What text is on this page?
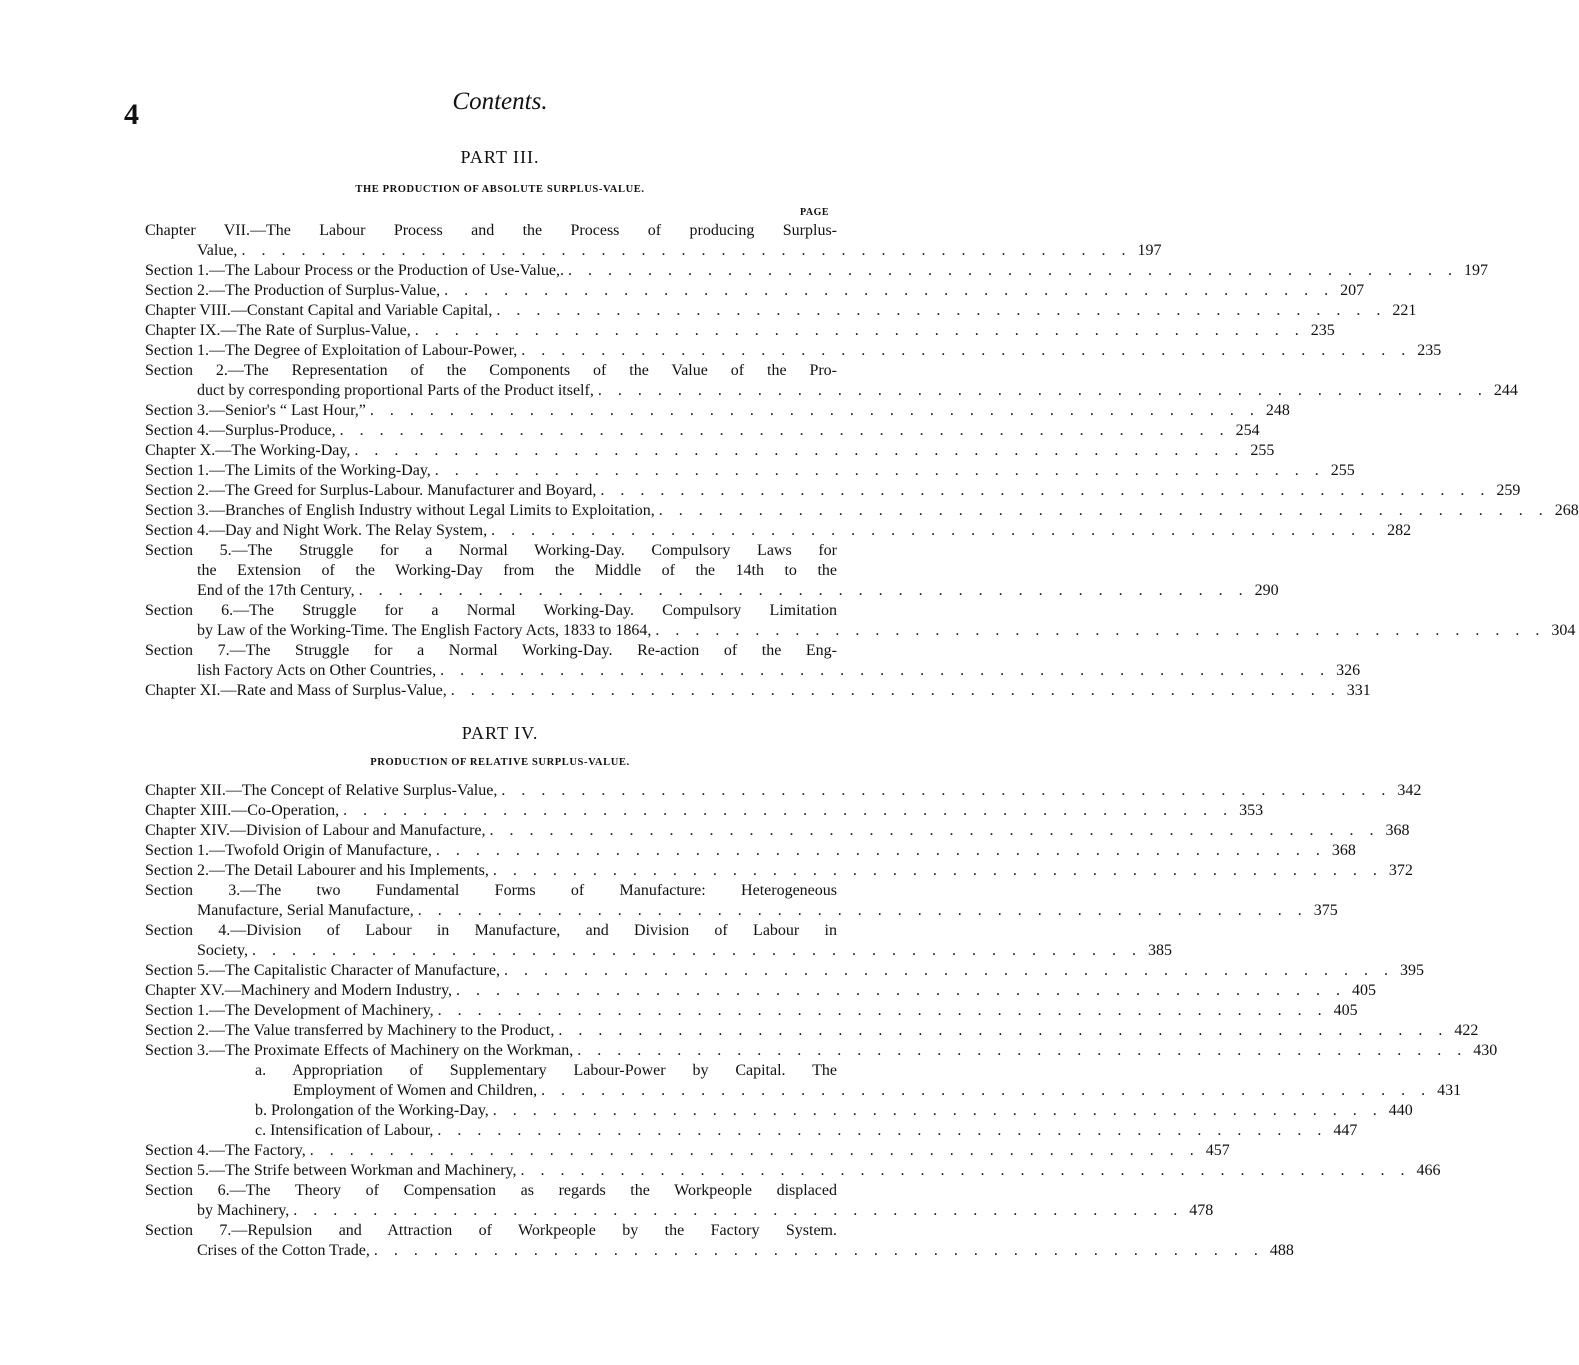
4	Contents.
PART III.
THE PRODUCTION OF ABSOLUTE SURPLUS-VALUE.
PAGE
Chapter VII.—The Labour Process and the Process of producing Surplus-
Value, . . . . . . . . . . . . . . . . . . . . . . . . . . . . . . . . . . . . . . . . . . . . . 197
Section 1.—The Labour Process or the Production of Use-Value,. . . . . . . . . . . . . . . . . . . . . . . . . . . . . . . . . . . . . . . . . . . . . . 197
Section 2.—The Production of Surplus-Value, . . . . . . . . . . . . . . . . . . . . . . . . . . . . . . . . . . . . . . . . . . . . . 207
Chapter VIII.—Constant Capital and Variable Capital, . . . . . . . . . . . . . . . . . . . . . . . . . . . . . . . . . . . . . . . . . . . . . 221
Chapter IX.—The Rate of Surplus-Value, . . . . . . . . . . . . . . . . . . . . . . . . . . . . . . . . . . . . . . . . . . . . . 235
Section 1.—The Degree of Exploitation of Labour-Power, . . . . . . . . . . . . . . . . . . . . . . . . . . . . . . . . . . . . . . . . . . . . . 235
Section 2.—The Representation of the Components of the Value of the Pro-
duct by corresponding proportional Parts of the Product itself, . . . . . . . . . . . . . . . . . . . . . . . . . . . . . . . . . . . . . . . . . . . . . 244
Section 3.—Senior's “ Last Hour,” . . . . . . . . . . . . . . . . . . . . . . . . . . . . . . . . . . . . . . . . . . . . . 248
Section 4.—Surplus-Produce, . . . . . . . . . . . . . . . . . . . . . . . . . . . . . . . . . . . . . . . . . . . . . 254
Chapter X.—The Working-Day, . . . . . . . . . . . . . . . . . . . . . . . . . . . . . . . . . . . . . . . . . . . . . 255
Section 1.—The Limits of the Working-Day, . . . . . . . . . . . . . . . . . . . . . . . . . . . . . . . . . . . . . . . . . . . . . 255
Section 2.—The Greed for Surplus-Labour. Manufacturer and Boyard, . . . . . . . . . . . . . . . . . . . . . . . . . . . . . . . . . . . . . . . . . . . . . 259
Section 3.—Branches of English Industry without Legal Limits to Exploitation, . . . . . . . . . . . . . . . . . . . . . . . . . . . . . . . . . . . . . . . . . . . . . 268
Section 4.—Day and Night Work. The Relay System, . . . . . . . . . . . . . . . . . . . . . . . . . . . . . . . . . . . . . . . . . . . . . 282
Section 5.—The Struggle for a Normal Working-Day. Compulsory Laws for
the Extension of the Working-Day from the Middle of the 14th to the
End of the 17th Century, . . . . . . . . . . . . . . . . . . . . . . . . . . . . . . . . . . . . . . . . . . . . . 290
Section 6.—The Struggle for a Normal Working-Day. Compulsory Limitation
by Law of the Working-Time. The English Factory Acts, 1833 to 1864, . . . . . . . . . . . . . . . . . . . . . . . . . . . . . . . . . . . . . . . . . . . . . 304
Section 7.—The Struggle for a Normal Working-Day. Re-action of the Eng-
lish Factory Acts on Other Countries, . . . . . . . . . . . . . . . . . . . . . . . . . . . . . . . . . . . . . . . . . . . . . 326
Chapter XI.—Rate and Mass of Surplus-Value, . . . . . . . . . . . . . . . . . . . . . . . . . . . . . . . . . . . . . . . . . . . . . 331
PART IV.
PRODUCTION OF RELATIVE SURPLUS-VALUE.
Chapter XII.—The Concept of Relative Surplus-Value, . . . . . . . . . . . . . . . . . . . . . . . . . . . . . . . . . . . . . . . . . . . . . 342
Chapter XIII.—Co-Operation, . . . . . . . . . . . . . . . . . . . . . . . . . . . . . . . . . . . . . . . . . . . . . 353
Chapter XIV.—Division of Labour and Manufacture, . . . . . . . . . . . . . . . . . . . . . . . . . . . . . . . . . . . . . . . . . . . . . 368
Section 1.—Twofold Origin of Manufacture, . . . . . . . . . . . . . . . . . . . . . . . . . . . . . . . . . . . . . . . . . . . . . 368
Section 2.—The Detail Labourer and his Implements, . . . . . . . . . . . . . . . . . . . . . . . . . . . . . . . . . . . . . . . . . . . . . 372
Section 3.—The two Fundamental Forms of Manufacture: Heterogeneous
Manufacture, Serial Manufacture, . . . . . . . . . . . . . . . . . . . . . . . . . . . . . . . . . . . . . . . . . . . . . 375
Section 4.—Division of Labour in Manufacture, and Division of Labour in
Society, . . . . . . . . . . . . . . . . . . . . . . . . . . . . . . . . . . . . . . . . . . . . . 385
Section 5.—The Capitalistic Character of Manufacture, . . . . . . . . . . . . . . . . . . . . . . . . . . . . . . . . . . . . . . . . . . . . . 395
Chapter XV.—Machinery and Modern Industry, . . . . . . . . . . . . . . . . . . . . . . . . . . . . . . . . . . . . . . . . . . . . . 405
Section 1.—The Development of Machinery, . . . . . . . . . . . . . . . . . . . . . . . . . . . . . . . . . . . . . . . . . . . . . 405
Section 2.—The Value transferred by Machinery to the Product, . . . . . . . . . . . . . . . . . . . . . . . . . . . . . . . . . . . . . . . . . . . . . 422
Section 3.—The Proximate Effects of Machinery on the Workman, . . . . . . . . . . . . . . . . . . . . . . . . . . . . . . . . . . . . . . . . . . . . . 430
a. Appropriation of Supplementary Labour-Power by Capital. The
Employment of Women and Children, . . . . . . . . . . . . . . . . . . . . . . . . . . . . . . . . . . . . . . . . . . . . . 431
b. Prolongation of the Working-Day, . . . . . . . . . . . . . . . . . . . . . . . . . . . . . . . . . . . . . . . . . . . . . 440
c. Intensification of Labour, . . . . . . . . . . . . . . . . . . . . . . . . . . . . . . . . . . . . . . . . . . . . . 447
Section 4.—The Factory, . . . . . . . . . . . . . . . . . . . . . . . . . . . . . . . . . . . . . . . . . . . . . 457
Section 5.—The Strife between Workman and Machinery, . . . . . . . . . . . . . . . . . . . . . . . . . . . . . . . . . . . . . . . . . . . . . 466
Section 6.—The Theory of Compensation as regards the Workpeople displaced
by Machinery, . . . . . . . . . . . . . . . . . . . . . . . . . . . . . . . . . . . . . . . . . . . . . 478
Section 7.—Repulsion and Attraction of Workpeople by the Factory System.
Crises of the Cotton Trade, . . . . . . . . . . . . . . . . . . . . . . . . . . . . . . . . . . . . . . . . . . . . . 488
